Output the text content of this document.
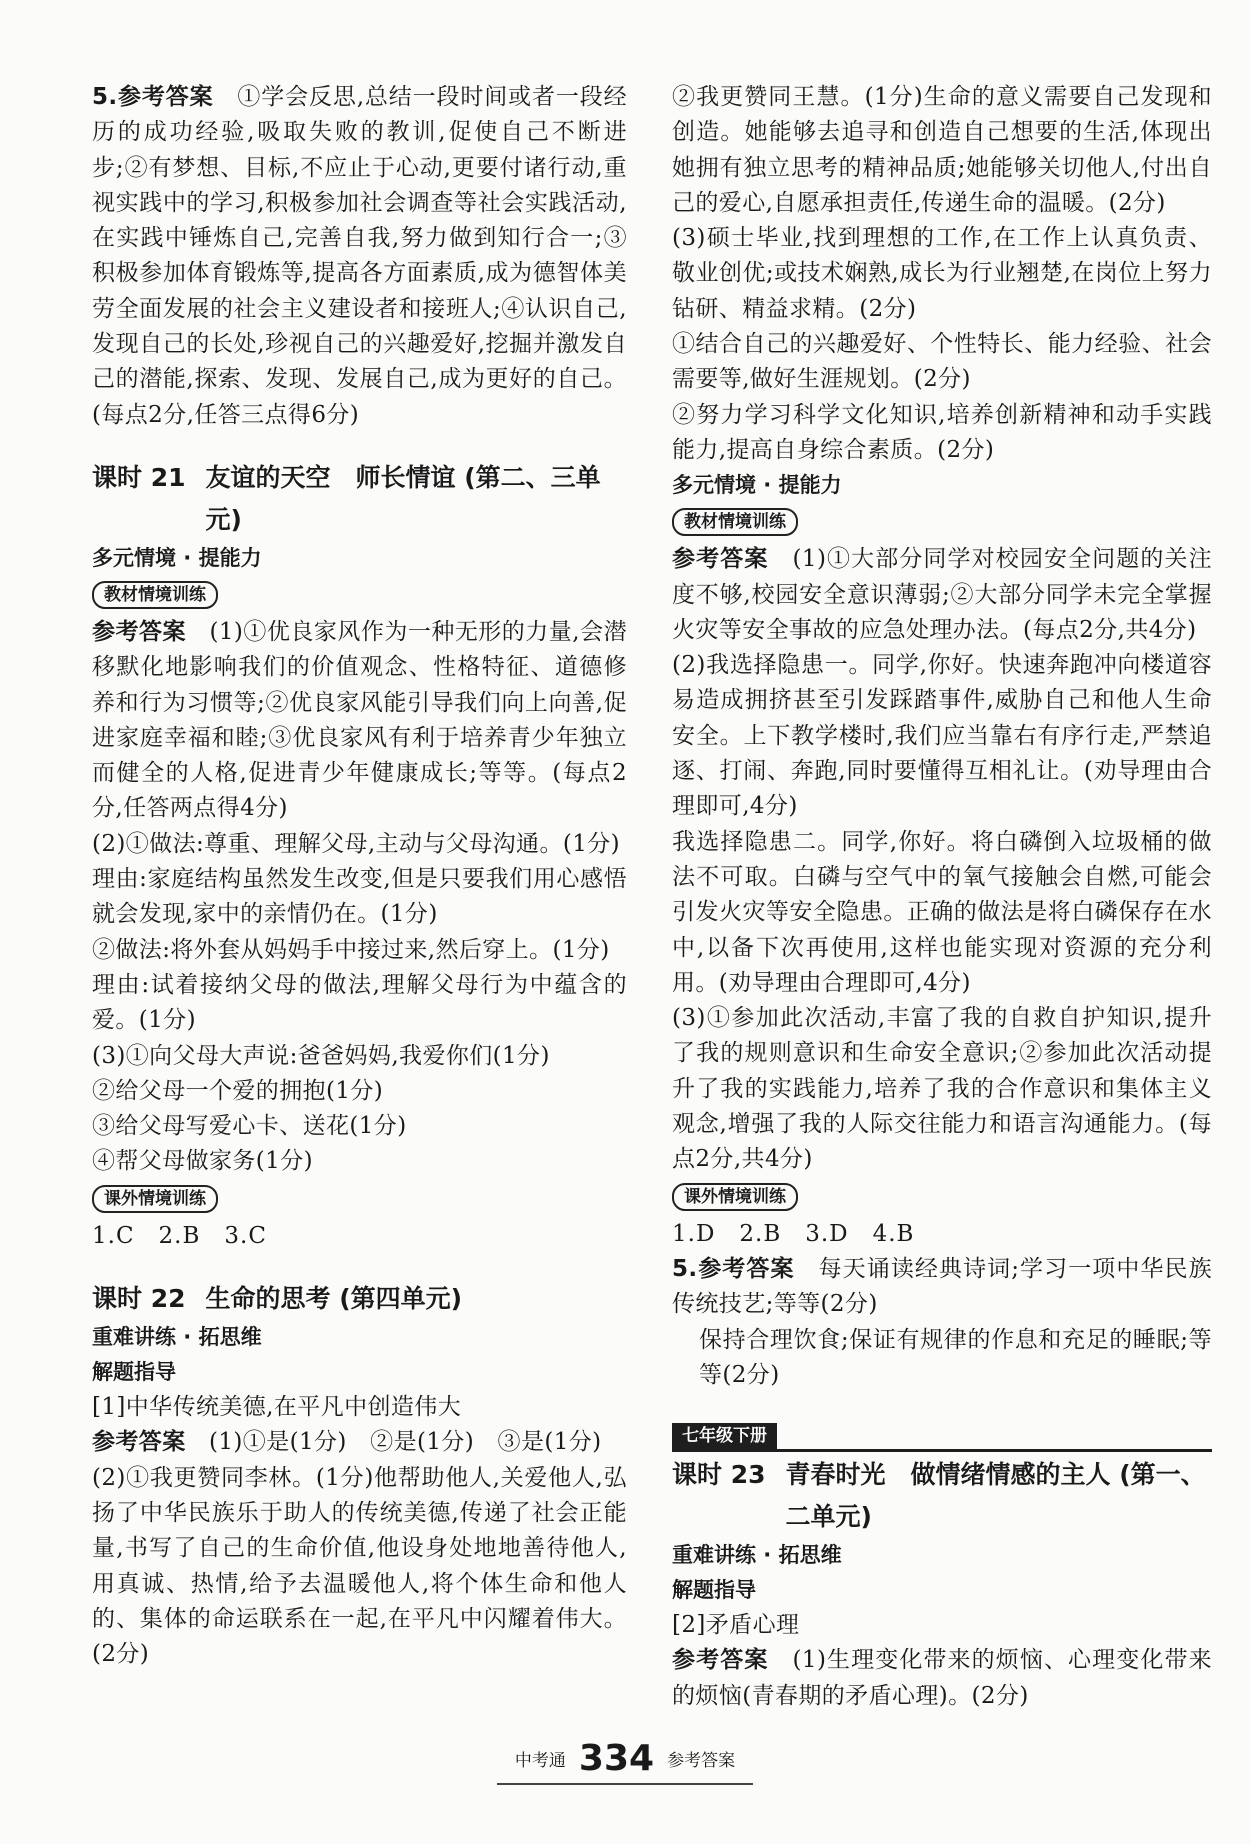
5.参考答案　 ①学会反思,总结一段时间或者一段经历的成功经验,吸取失败的教训,促使自己不断进步;②有梦想、目标,不应止于心动,更要付诸行动,重视实践中的学习,积极参加社会调查等社会实践活动,在实践中锤炼自己,完善自我,努力做到知行合一;③积极参加体育锻炼等,提高各方面素质,成为德智体美劳全面发展的社会主义建设者和接班人;④认识自己,发现自己的长处,珍视自己的兴趣爱好,挖掘并激发自己的潜能,探索、发现、发展自己,成为更好的自己。(每点2分,任答三点得6分)

课时 21 友谊的天空　师长情谊 (第二、三单元)
多元情境 · 提能力
教材情境训练

参考答案　 (1)①优良家风作为一种无形的力量,会潜移默化地影响我们的价值观念、性格特征、道德修养和行为习惯等;②优良家风能引导我们向上向善,促进家庭幸福和睦;③优良家风有利于培养青少年独立而健全的人格,促进青少年健康成长;等等。(每点2分,任答两点得4分)

(2)①做法:尊重、理解父母,主动与父母沟通。(1分)

理由:家庭结构虽然发生改变,但是只要我们用心感悟就会发现,家中的亲情仍在。(1分)

②做法:将外套从妈妈手中接过来,然后穿上。(1分)

理由:试着接纳父母的做法,理解父母行为中蕴含的爱。(1分)

(3)①向父母大声说:爸爸妈妈,我爱你们(1分)

②给父母一个爱的拥抱(1分)

③给父母写爱心卡、送花(1分)

④帮父母做家务(1分)

课外情境训练

1.C　2.B　3.C

课时 22 生命的思考 (第四单元)
重难讲练 · 拓思维
解题指导

[1]中华传统美德,在平凡中创造伟大

参考答案　 (1)①是(1分)　②是(1分)　③是(1分)

(2)①我更赞同李林。(1分)他帮助他人,关爱他人,弘扬了中华民族乐于助人的传统美德,传递了社会正能量,书写了自己的生命价值,他设身处地地善待他人,用真诚、热情,给予去温暖他人,将个体生命和他人的、集体的命运联系在一起,在平凡中闪耀着伟大。(2分)

②我更赞同王慧。(1分)生命的意义需要自己发现和创造。她能够去追寻和创造自己想要的生活,体现出她拥有独立思考的精神品质;她能够关切他人,付出自己的爱心,自愿承担责任,传递生命的温暖。(2分)

(3)硕士毕业,找到理想的工作,在工作上认真负责、敬业创优;或技术娴熟,成长为行业翘楚,在岗位上努力钻研、精益求精。(2分)

①结合自己的兴趣爱好、个性特长、能力经验、社会需要等,做好生涯规划。(2分)

②努力学习科学文化知识,培养创新精神和动手实践能力,提高自身综合素质。(2分)

多元情境 · 提能力
教材情境训练

参考答案　 (1)①大部分同学对校园安全问题的关注度不够,校园安全意识薄弱;②大部分同学未完全掌握火灾等安全事故的应急处理办法。(每点2分,共4分)

(2)我选择隐患一。同学,你好。快速奔跑冲向楼道容易造成拥挤甚至引发踩踏事件,威胁自己和他人生命安全。上下教学楼时,我们应当靠右有序行走,严禁追逐、打闹、奔跑,同时要懂得互相礼让。(劝导理由合理即可,4分)

我选择隐患二。同学,你好。将白磷倒入垃圾桶的做法不可取。白磷与空气中的氧气接触会自燃,可能会引发火灾等安全隐患。正确的做法是将白磷保存在水中,以备下次再使用,这样也能实现对资源的充分利用。(劝导理由合理即可,4分)

(3)①参加此次活动,丰富了我的自救自护知识,提升了我的规则意识和生命安全意识;②参加此次活动提升了我的实践能力,培养了我的合作意识和集体主义观念,增强了我的人际交往能力和语言沟通能力。(每点2分,共4分)

课外情境训练

1.D　2.B　3.D　4.B

5.参考答案　 每天诵读经典诗词;学习一项中华民族传统技艺;等等(2分)

保持合理饮食;保证有规律的作息和充足的睡眠;等等(2分)

七年级下册
课时 23 青春时光　做情绪情感的主人 (第一、二单元)
重难讲练 · 拓思维
解题指导

[2]矛盾心理

参考答案　 (1)生理变化带来的烦恼、心理变化带来的烦恼(青春期的矛盾心理)。(2分)

中考通 334 参考答案
